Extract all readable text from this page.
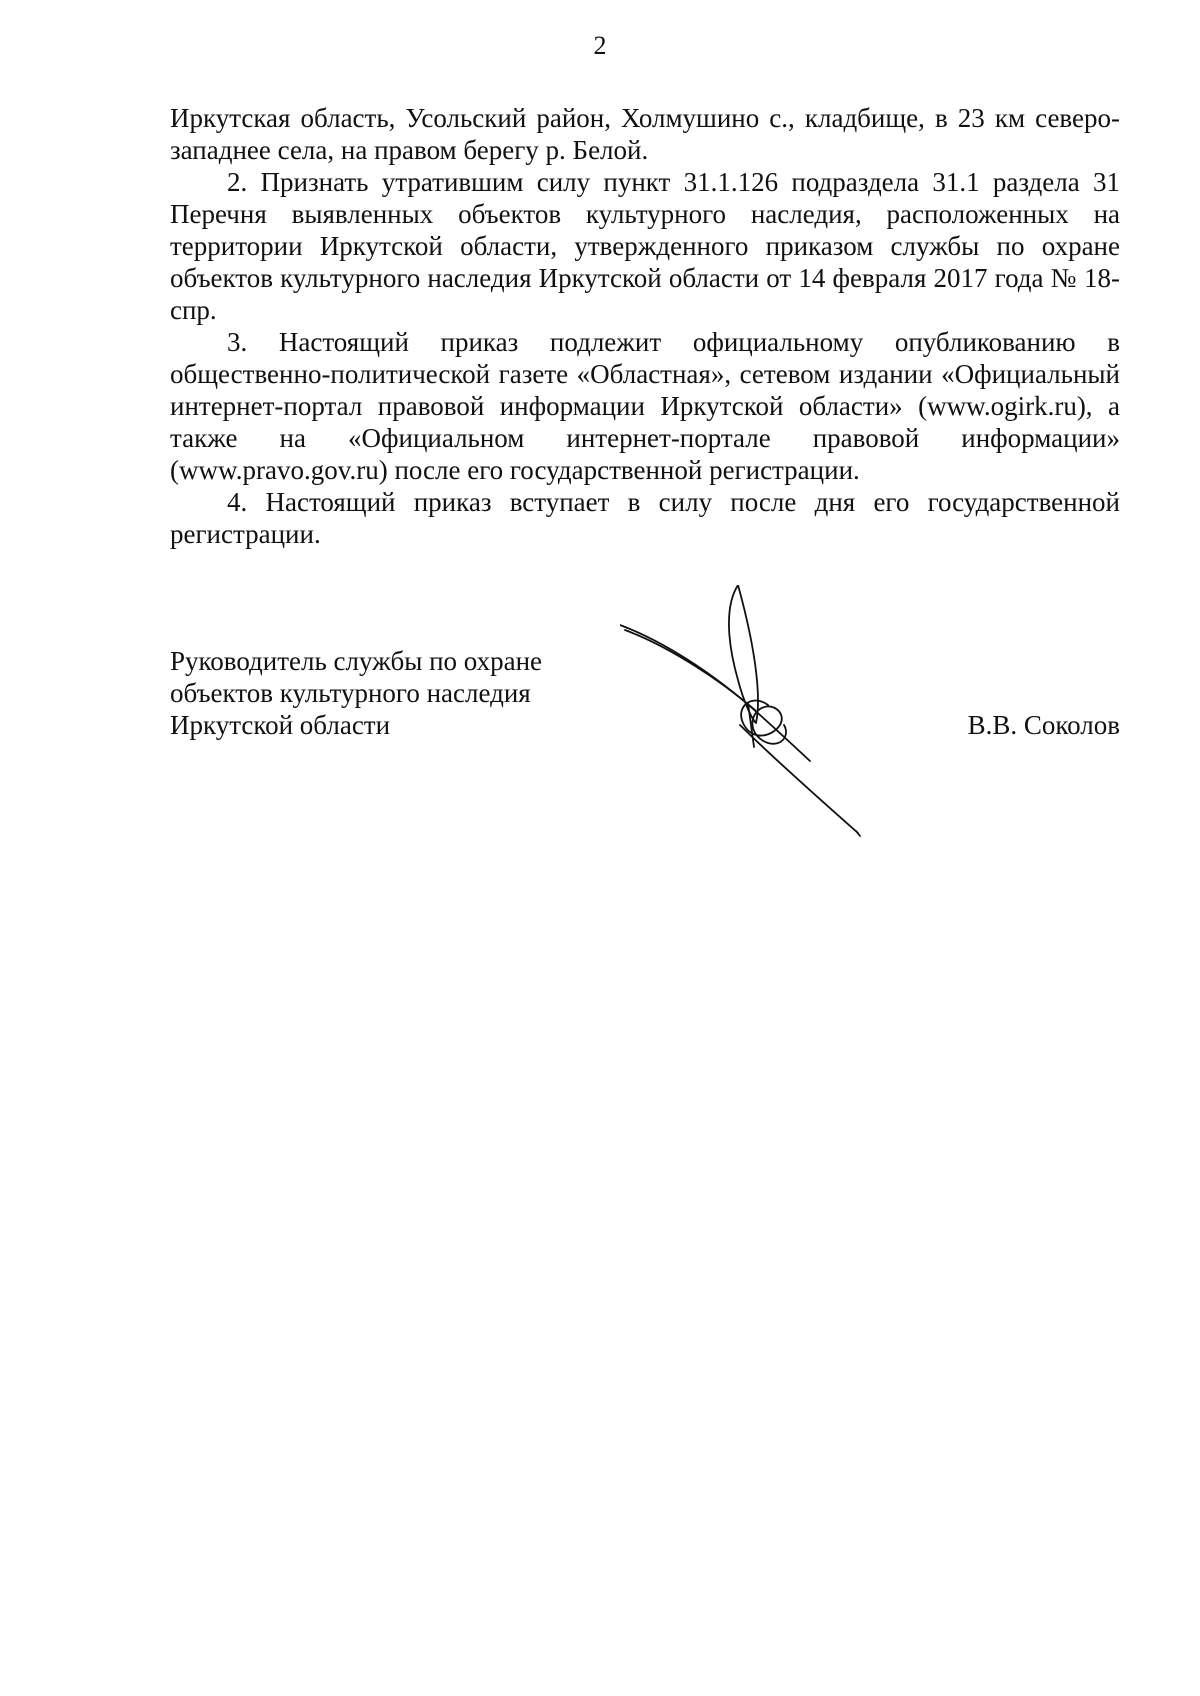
2

Иркутская область, Усольский район, Холмушино с., кладбище, в 23 км северо-западнее села, на правом берегу р. Белой.

2. Признать утратившим силу пункт 31.1.126 подраздела 31.1 раздела 31 Перечня выявленных объектов культурного наследия, расположенных на территории Иркутской области, утвержденного приказом службы по охране объектов культурного наследия Иркутской области от 14 февраля 2017 года № 18-спр.

3. Настоящий приказ подлежит официальному опубликованию в общественно-политической газете «Областная», сетевом издании «Официальный интернет-портал правовой информации Иркутской области» (www.ogirk.ru), а также на «Официальном интернет-портале правовой информации» (www.pravo.gov.ru) после его государственной регистрации.

4. Настоящий приказ вступает в силу после дня его государственной регистрации.

Руководитель службы по охране
объектов культурного наследия
Иркутской области	В.В. Соколов
